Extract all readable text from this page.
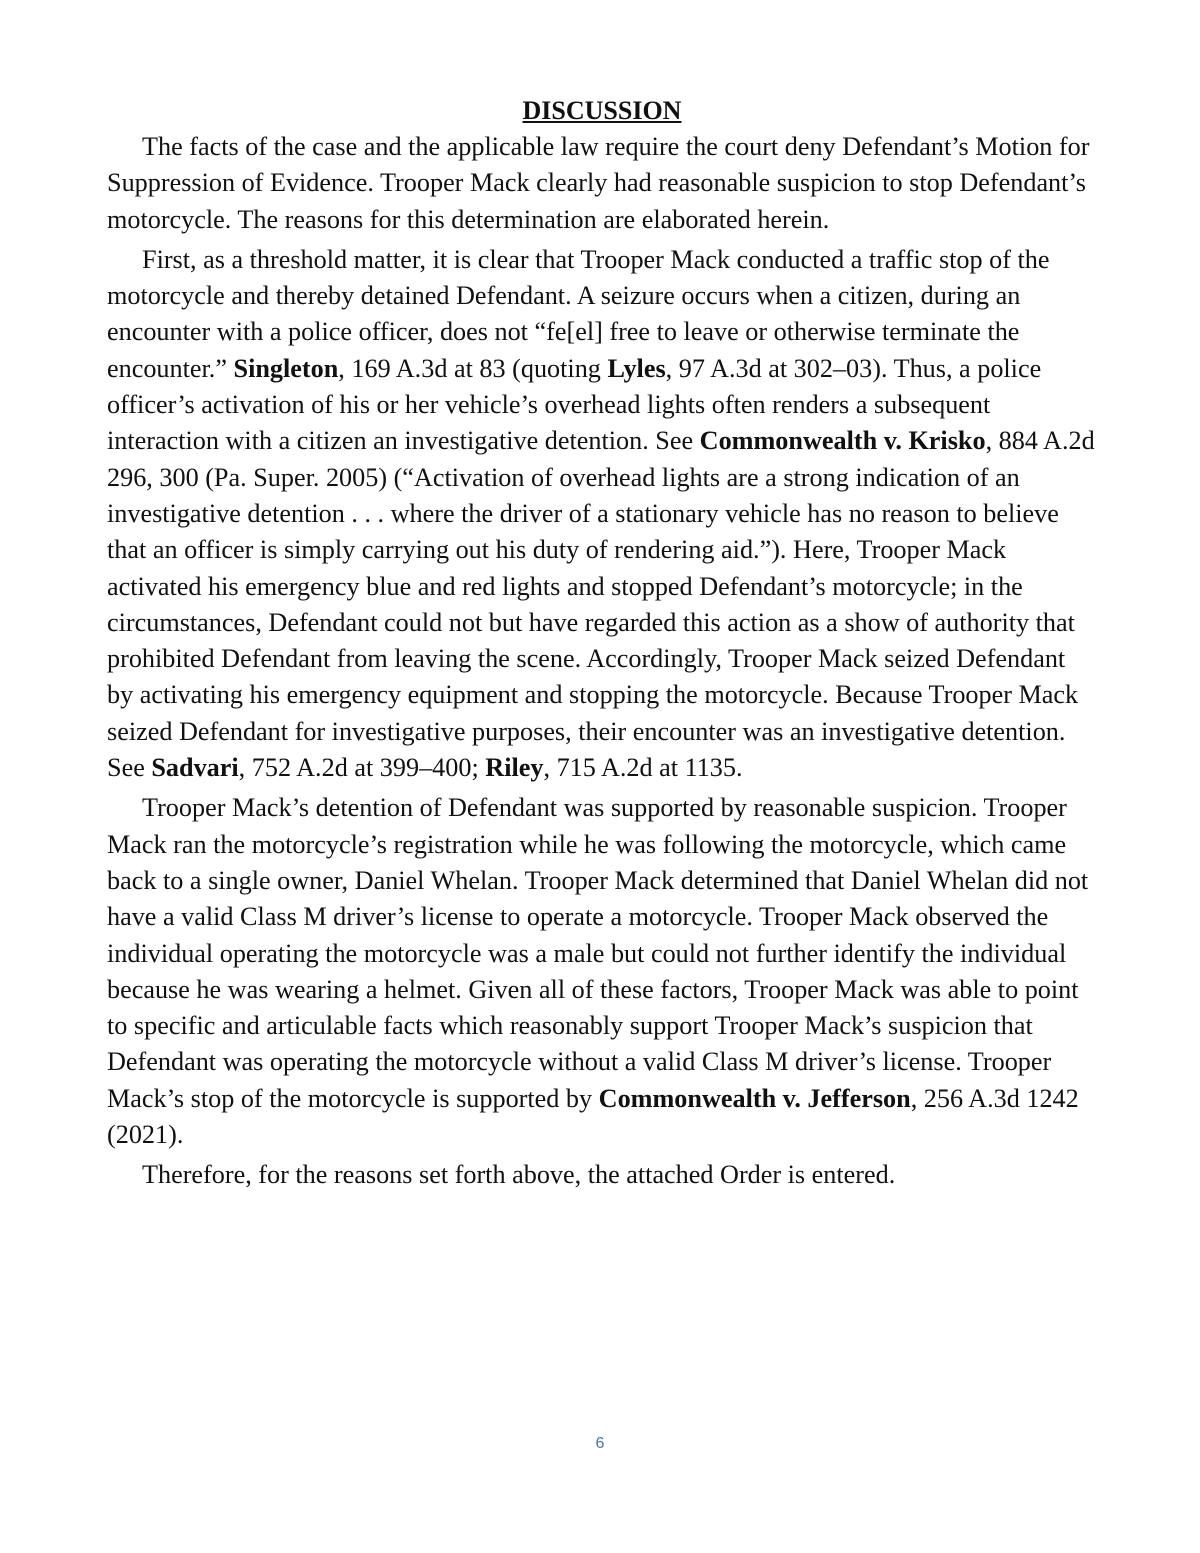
DISCUSSION

The facts of the case and the applicable law require the court deny Defendant’s Motion for Suppression of Evidence. Trooper Mack clearly had reasonable suspicion to stop Defendant’s motorcycle. The reasons for this determination are elaborated herein.

First, as a threshold matter, it is clear that Trooper Mack conducted a traffic stop of the motorcycle and thereby detained Defendant. A seizure occurs when a citizen, during an encounter with a police officer, does not “fe[el] free to leave or otherwise terminate the encounter.” Singleton, 169 A.3d at 83 (quoting Lyles, 97 A.3d at 302–03). Thus, a police officer’s activation of his or her vehicle’s overhead lights often renders a subsequent interaction with a citizen an investigative detention. See Commonwealth v. Krisko, 884 A.2d 296, 300 (Pa. Super. 2005) (“Activation of overhead lights are a strong indication of an investigative detention . . . where the driver of a stationary vehicle has no reason to believe that an officer is simply carrying out his duty of rendering aid.”). Here, Trooper Mack activated his emergency blue and red lights and stopped Defendant’s motorcycle; in the circumstances, Defendant could not but have regarded this action as a show of authority that prohibited Defendant from leaving the scene. Accordingly, Trooper Mack seized Defendant by activating his emergency equipment and stopping the motorcycle. Because Trooper Mack seized Defendant for investigative purposes, their encounter was an investigative detention. See Sadvari, 752 A.2d at 399–400; Riley, 715 A.2d at 1135.

Trooper Mack’s detention of Defendant was supported by reasonable suspicion. Trooper Mack ran the motorcycle’s registration while he was following the motorcycle, which came back to a single owner, Daniel Whelan. Trooper Mack determined that Daniel Whelan did not have a valid Class M driver’s license to operate a motorcycle. Trooper Mack observed the individual operating the motorcycle was a male but could not further identify the individual because he was wearing a helmet. Given all of these factors, Trooper Mack was able to point to specific and articulable facts which reasonably support Trooper Mack’s suspicion that Defendant was operating the motorcycle without a valid Class M driver’s license. Trooper Mack’s stop of the motorcycle is supported by Commonwealth v. Jefferson, 256 A.3d 1242 (2021).

Therefore, for the reasons set forth above, the attached Order is entered.

6
